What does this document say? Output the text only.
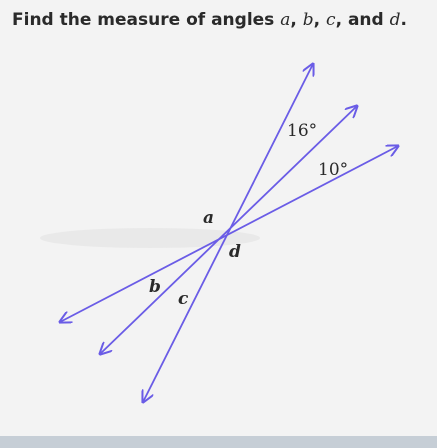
Find the measure of angles a, b, c, and d.
16°
10°
a
d
b
c
